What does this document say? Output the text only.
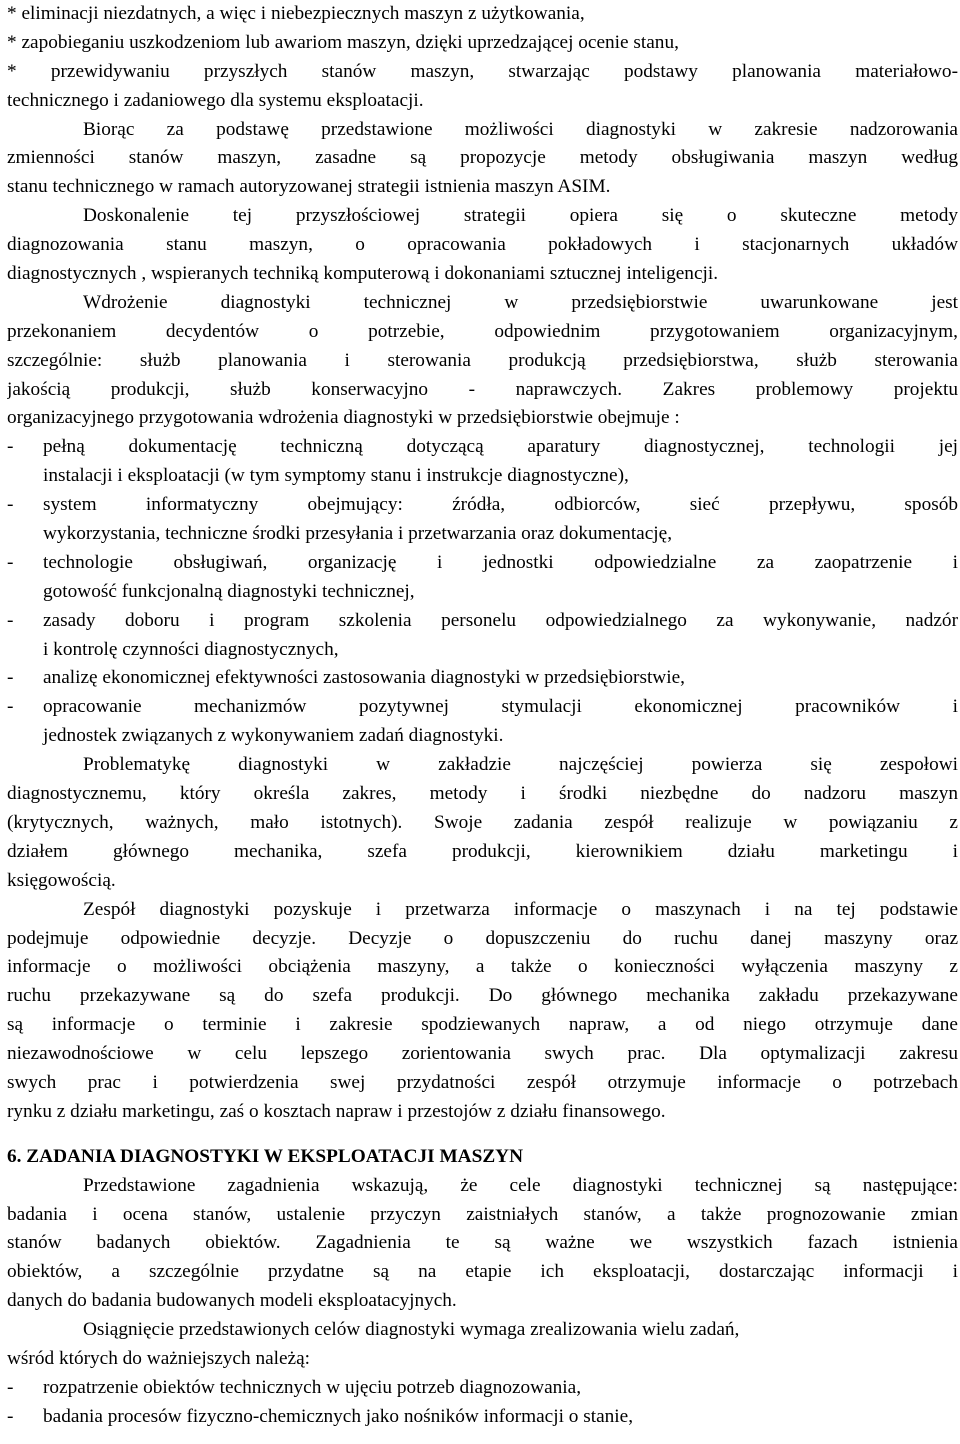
* eliminacji niezdatnych, a więc i niebezpiecznych maszyn z użytkowania,
* zapobieganiu uszkodzeniom lub awariom maszyn, dzięki uprzedzającej ocenie stanu,
* przewidywaniu przyszłych stanów maszyn, stwarzając podstawy planowania materiałowo-
technicznego i zadaniowego dla systemu eksploatacji.
Biorąc za podstawę przedstawione możliwości diagnostyki w zakresie nadzorowania
zmienności stanów maszyn, zasadne są propozycje metody obsługiwania maszyn według
stanu technicznego w ramach autoryzowanej strategii istnienia maszyn ASIM.
Doskonalenie tej przyszłościowej strategii opiera się o skuteczne metody
diagnozowania stanu maszyn, o opracowania pokładowych i stacjonarnych układów
diagnostycznych , wspieranych techniką komputerową i dokonaniami sztucznej inteligencji.
Wdrożenie diagnostyki technicznej w przedsiębiorstwie uwarunkowane jest
przekonaniem decydentów o potrzebie, odpowiednim przygotowaniem organizacyjnym,
szczególnie: służb planowania i sterowania produkcją przedsiębiorstwa, służb sterowania
jakością produkcji, służb konserwacyjno - naprawczych. Zakres problemowy projektu
organizacyjnego przygotowania wdrożenia diagnostyki w przedsiębiorstwie obejmuje :
-	pełną dokumentację techniczną dotyczącą aparatury diagnostycznej, technologii jej
instalacji i eksploatacji (w tym symptomy stanu i instrukcje diagnostyczne),
-	system informatyczny obejmujący: źródła, odbiorców, sieć przepływu, sposób
wykorzystania, techniczne środki przesyłania i przetwarzania oraz dokumentację,
-	technologie obsługiwań, organizację i jednostki odpowiedzialne za zaopatrzenie i
gotowość funkcjonalną diagnostyki technicznej,
-	zasady doboru i program szkolenia personelu odpowiedzialnego za wykonywanie, nadzór
i kontrolę czynności diagnostycznych,
-	analizę ekonomicznej efektywności zastosowania diagnostyki w przedsiębiorstwie,
-	opracowanie mechanizmów pozytywnej stymulacji ekonomicznej pracowników i
jednostek związanych z wykonywaniem zadań diagnostyki.
Problematykę diagnostyki w zakładzie najczęściej powierza się zespołowi
diagnostycznemu, który określa zakres, metody i środki niezbędne do nadzoru maszyn
(krytycznych, ważnych, mało istotnych). Swoje zadania zespół realizuje w powiązaniu z
działem głównego mechanika, szefa produkcji, kierownikiem działu marketingu i
księgowością.
Zespół diagnostyki pozyskuje i przetwarza informacje o maszynach i na tej podstawie
podejmuje odpowiednie decyzje. Decyzje o dopuszczeniu do ruchu danej maszyny oraz
informacje o możliwości obciążenia maszyny, a także o konieczności wyłączenia maszyny z
ruchu przekazywane są do szefa produkcji. Do głównego mechanika zakładu przekazywane
są informacje o terminie i zakresie spodziewanych napraw, a od niego otrzymuje dane
niezawodnościowe w celu lepszego zorientowania swych prac. Dla optymalizacji zakresu
swych prac i potwierdzenia swej przydatności zespół otrzymuje informacje o potrzebach
rynku z działu marketingu, zaś o kosztach napraw i przestojów z działu finansowego.
6. ZADANIA DIAGNOSTYKI W EKSPLOATACJI MASZYN
Przedstawione zagadnienia wskazują, że cele diagnostyki technicznej są następujące:
badania i ocena stanów, ustalenie przyczyn zaistniałych stanów, a także prognozowanie zmian
stanów badanych obiektów. Zagadnienia te są ważne we wszystkich fazach istnienia
obiektów, a szczególnie przydatne są na etapie ich eksploatacji, dostarczając informacji i
danych do badania budowanych modeli eksploatacyjnych.
Osiągnięcie przedstawionych celów diagnostyki wymaga zrealizowania wielu zadań,
wśród których do ważniejszych należą:
-	rozpatrzenie obiektów technicznych w ujęciu potrzeb diagnozowania,
-	badania procesów fizyczno-chemicznych jako nośników informacji o stanie,
